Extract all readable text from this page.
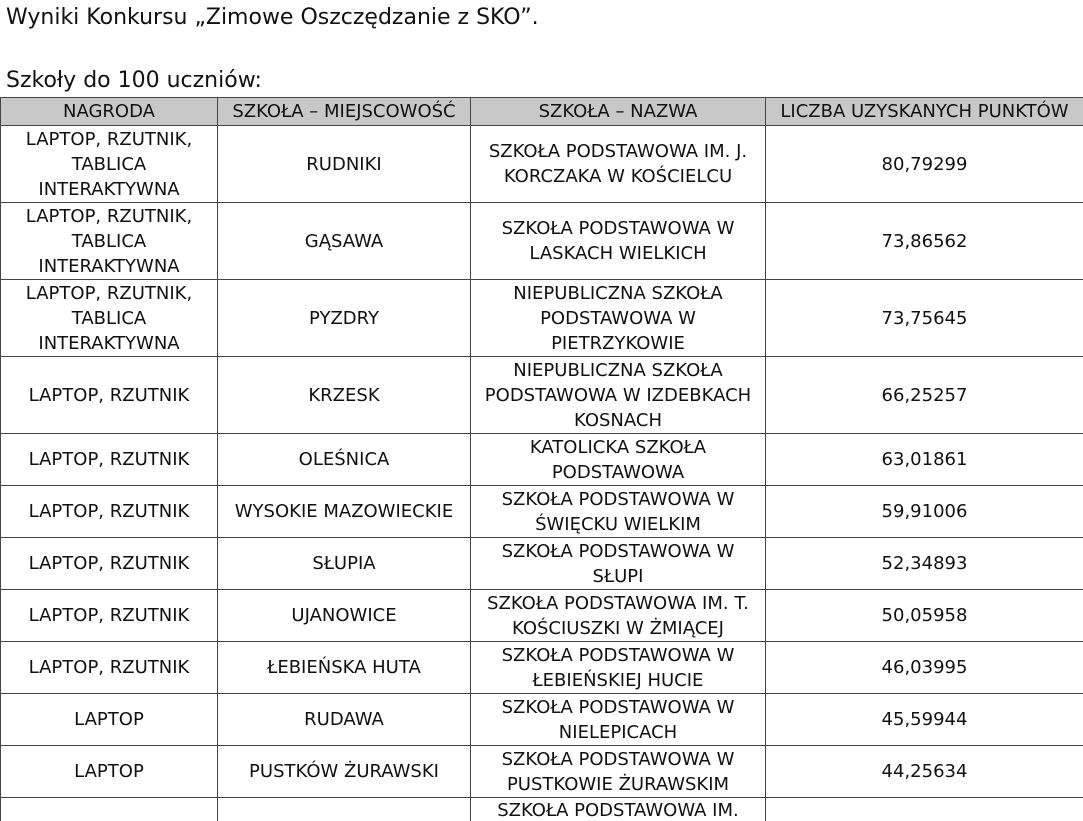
Wyniki Konkursu „Zimowe Oszczędzanie z SKO”.
Szkoły do 100 uczniów:
NAGRODA	SZKOŁA – MIEJSCOWOŚĆ	SZKOŁA – NAZWA	LICZBA UZYSKANYCH PUNKTÓW
LAPTOP, RZUTNIK, TABLICA INTERAKTYWNA	RUDNIKI	SZKOŁA PODSTAWOWA IM. J. KORCZAKA W KOŚCIELCU	80,79299
LAPTOP, RZUTNIK, TABLICA INTERAKTYWNA	GĄSAWA	SZKOŁA PODSTAWOWA W LASKACH WIELKICH	73,86562
LAPTOP, RZUTNIK, TABLICA INTERAKTYWNA	PYZDRY	NIEPUBLICZNA SZKOŁA PODSTAWOWA W PIETRZYKOWIE	73,75645
LAPTOP, RZUTNIK	KRZESK	NIEPUBLICZNA SZKOŁA PODSTAWOWA W IZDEBKACH KOSNACH	66,25257
LAPTOP, RZUTNIK	OLEŚNICA	KATOLICKA SZKOŁA PODSTAWOWA	63,01861
LAPTOP, RZUTNIK	WYSOKIE MAZOWIECKIE	SZKOŁA PODSTAWOWA W ŚWIĘCKU WIELKIM	59,91006
LAPTOP, RZUTNIK	SŁUPIA	SZKOŁA PODSTAWOWA W SŁUPI	52,34893
LAPTOP, RZUTNIK	UJANOWICE	SZKOŁA PODSTAWOWA IM. T. KOŚCIUSZKI W ŻMIĄCEJ	50,05958
LAPTOP, RZUTNIK	ŁEBIEŃSKA HUTA	SZKOŁA PODSTAWOWA W ŁEBIEŃSKIEJ HUCIE	46,03995
LAPTOP	RUDAWA	SZKOŁA PODSTAWOWA W NIELEPICACH	45,59944
LAPTOP	PUSTKÓW ŻURAWSKI	SZKOŁA PODSTAWOWA W PUSTKOWIE ŻURAWSKIM	44,25634
		SZKOŁA PODSTAWOWA IM.	
